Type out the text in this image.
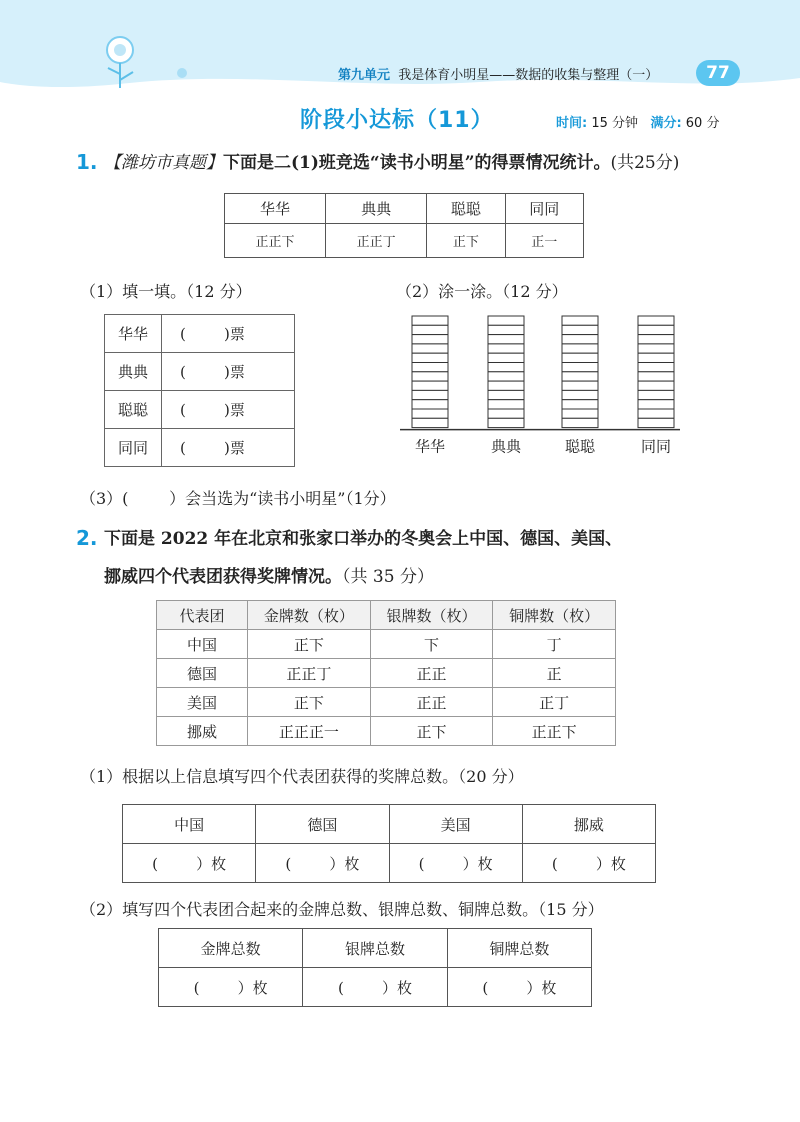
第九单元 我是体育小明星——数据的收集与整理（一）	77
阶段小达标（11）	时间: 15 分钟 满分: 60 分
1. 【潍坊市真题】下面是二(1)班竞选“读书小明星”的得票情况统计。(共25分)
华华	典典	聪聪	同同
正正下	正正丁	正下	正一
（1）填一填。（12 分）	（2）涂一涂。（12 分）
华华	(        )票
典典	(        )票
聪聪	(        )票
同同	(        )票	华华	典典	聪聪	同同
（3）(        ）会当选为“读书小明星”（1分）
2. 下面是 2022 年在北京和张家口举办的冬奥会上中国、德国、美国、
挪威四个代表团获得奖牌情况。（共 35 分）
代表团	金牌数（枚）	银牌数（枚）	铜牌数（枚）
中国	正下	下	丁
德国	正正丁	正正	正
美国	正下	正正	正丁
挪威	正正正一	正下	正正下
（1）根据以上信息填写四个代表团获得的奖牌总数。（20 分）
中国	德国	美国	挪威
(        ）枚	(        ）枚	(        ）枚	(        ）枚
（2）填写四个代表团合起来的金牌总数、银牌总数、铜牌总数。（15 分）
金牌总数	银牌总数	铜牌总数
(        ）枚	(        ）枚	(        ）枚
